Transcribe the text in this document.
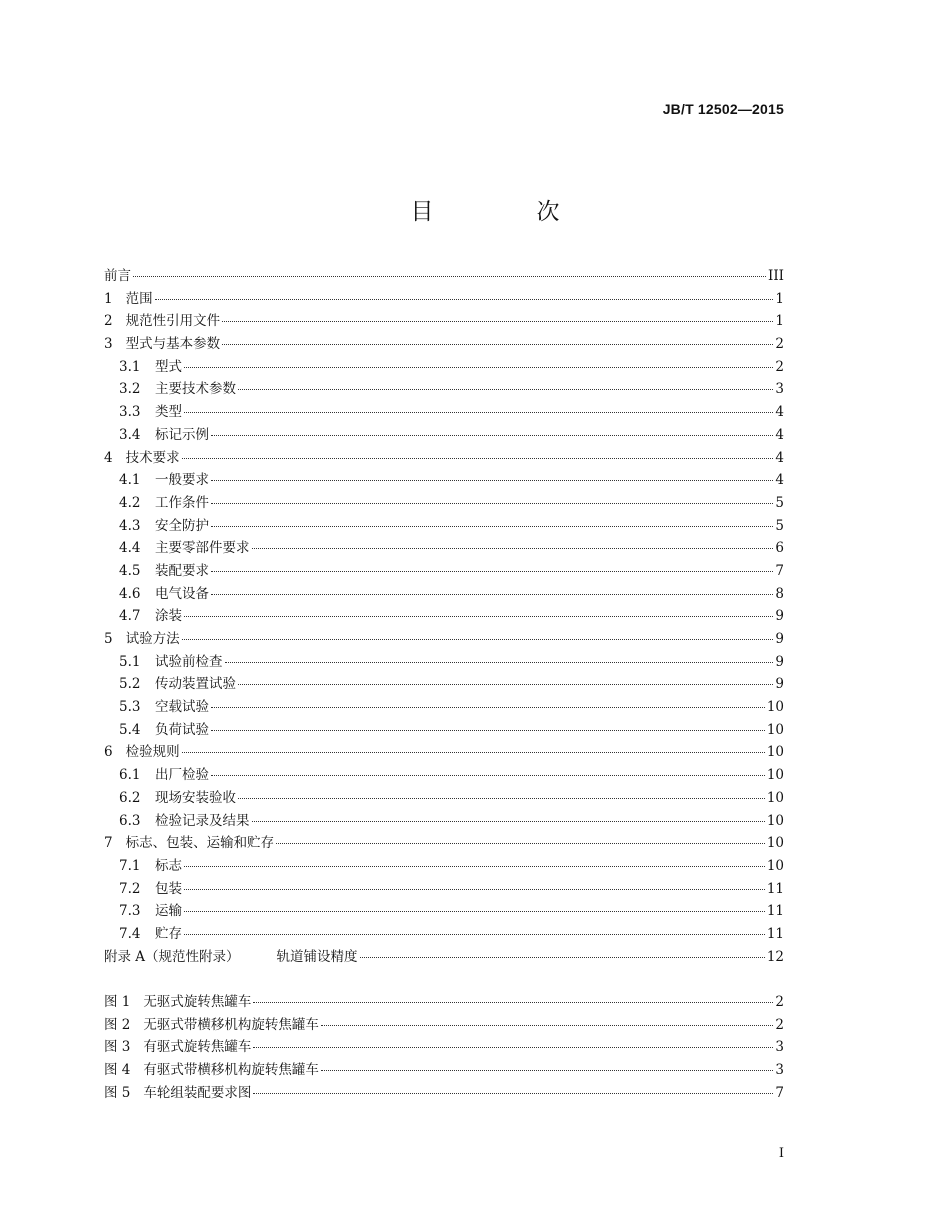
JB/T 12502—2015
目　次
前言	III
1 范围	1
2 规范性引用文件	1
3 型式与基本参数	2
3.1	型式	2
3.2	主要技术参数	3
3.3	类型	4
3.4	标记示例	4
4 技术要求	4
4.1	一般要求	4
4.2	工作条件	5
4.3	安全防护	5
4.4	主要零部件要求	6
4.5	装配要求	7
4.6	电气设备	8
4.7	涂装	9
5 试验方法	9
5.1	试验前检查	9
5.2	传动装置试验	9
5.3	空载试验	10
5.4	负荷试验	10
6 检验规则	10
6.1	出厂检验	10
6.2	现场安装验收	10
6.3	检验记录及结果	10
7 标志、包装、运输和贮存	10
7.1	标志	10
7.2	包装	11
7.3	运输	11
7.4	贮存	11
附录 A（规范性附录）	轨道铺设精度	12
图 1 无驱式旋转焦罐车	2
图 2 无驱式带横移机构旋转焦罐车	2
图 3 有驱式旋转焦罐车	3
图 4 有驱式带横移机构旋转焦罐车	3
图 5 车轮组装配要求图	7
I
